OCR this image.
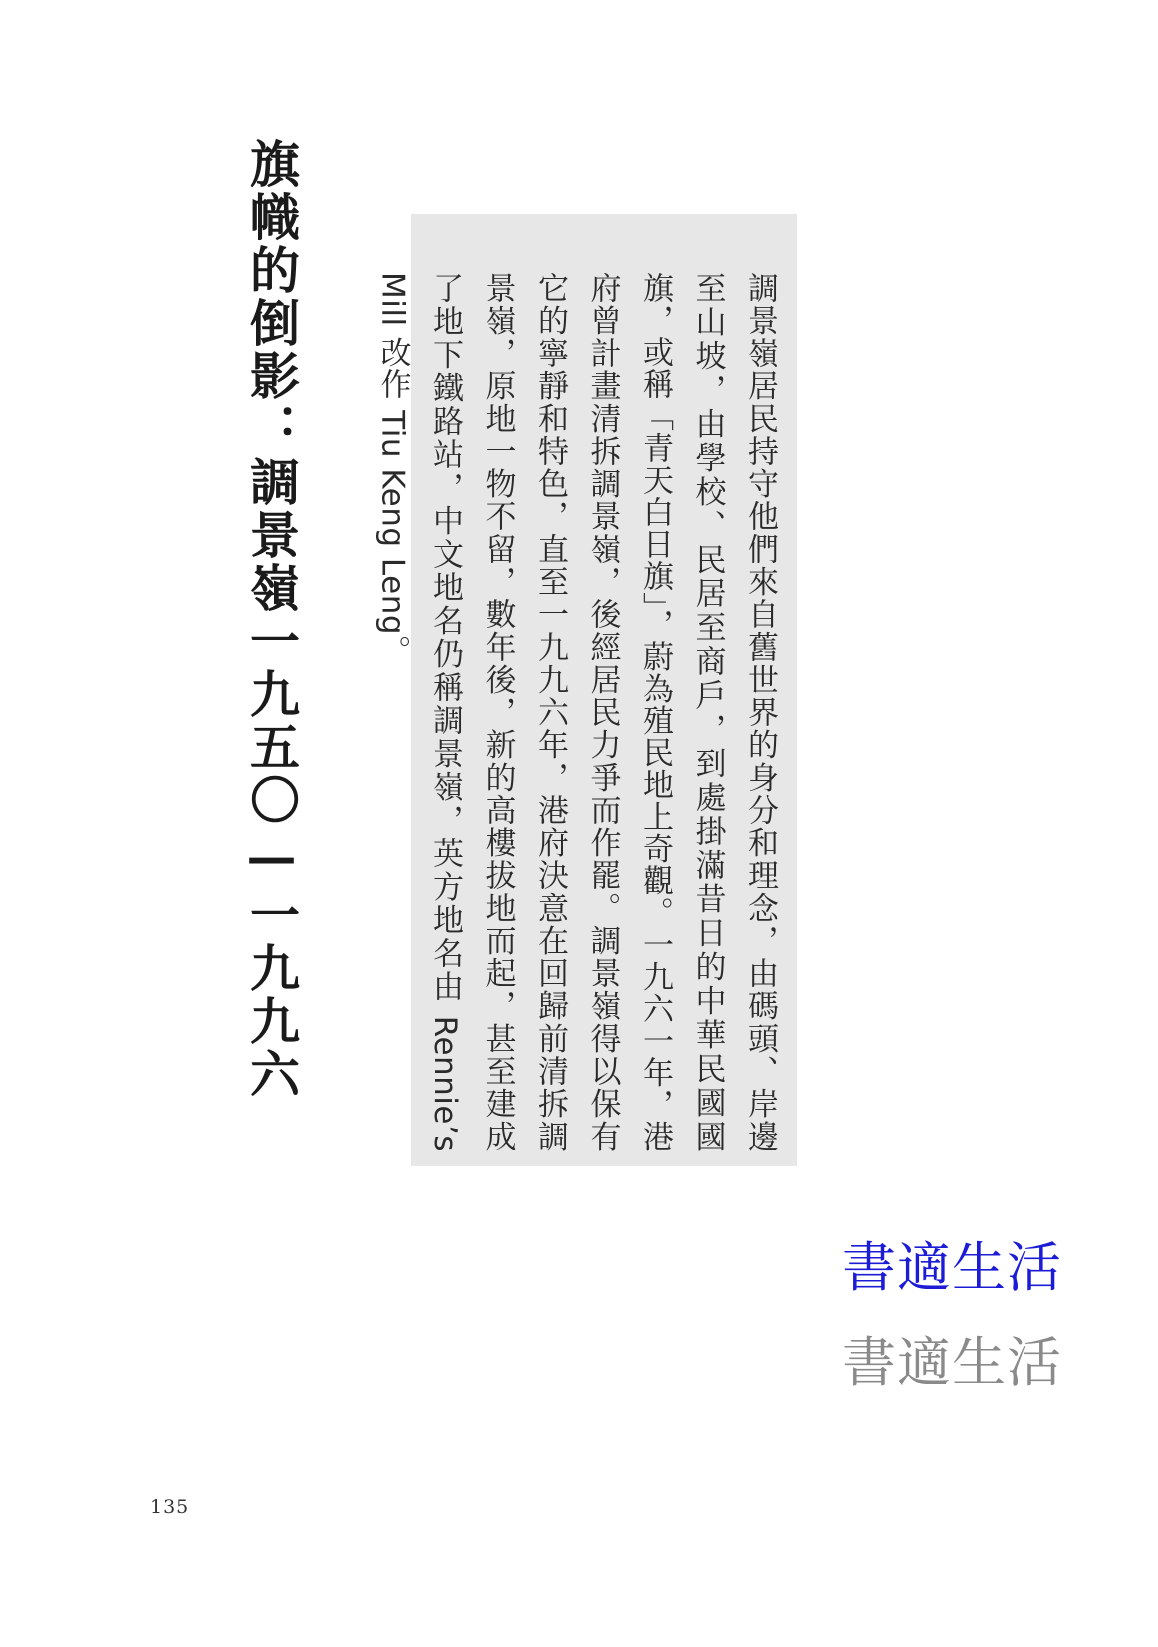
旗幟的倒影：調景嶺一九五〇—一九九六	調景嶺居民持守他們來自舊世界的身分和理念，由碼頭、岸邊至山坡，由學校、民居至商戶，到處掛滿昔日的中華民國國旗，或稱「青天白日旗」，蔚為殖民地上奇觀。一九六一年，港府曾計畫清拆調景嶺，後經居民力爭而作罷。調景嶺得以保有它的寧靜和特色，直至一九九六年，港府決意在回歸前清拆調景嶺，原地一物不留，數年後，新的高樓拔地而起，甚至建成了地下鐵路站，中文地名仍稱調景嶺，英方地名由 Rennie’s Mill 改作 Tiu Keng Leng。
書適生活
書適生活
135
